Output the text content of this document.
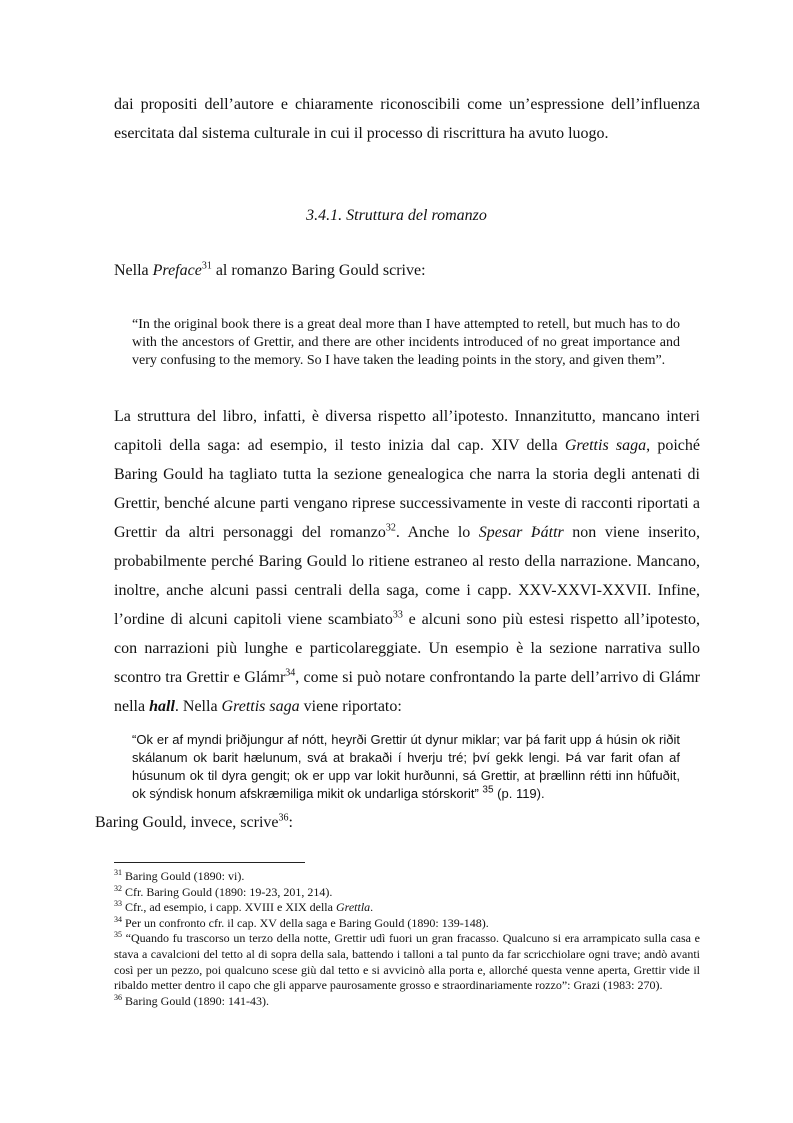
dai propositi dell’autore e chiaramente riconoscibili come un’espressione dell’influenza esercitata dal sistema culturale in cui il processo di riscrittura ha avuto luogo.

3.4.1. Struttura del romanzo

Nella Preface$^{31}$ al romanzo Baring Gould scrive:

“In the original book there is a great deal more than I have attempted to retell, but much has to do with the ancestors of Grettir, and there are other incidents introduced of no great importance and very confusing to the memory. So I have taken the leading points in the story, and given them”.

La struttura del libro, infatti, è diversa rispetto all’ipotesto. Innanzitutto, mancano interi capitoli della saga: ad esempio, il testo inizia dal cap. XIV della Grettis saga, poiché Baring Gould ha tagliato tutta la sezione genealogica che narra la storia degli antenati di Grettir, benché alcune parti vengano riprese successivamente in veste di racconti riportati a Grettir da altri personaggi del romanzo$^{32}$. Anche lo Spesar Þáttr non viene inserito, probabilmente perché Baring Gould lo ritiene estraneo al resto della narrazione. Mancano, inoltre, anche alcuni passi centrali della saga, come i capp. XXV-XXVI-XXVII. Infine, l’ordine di alcuni capitoli viene scambiato$^{33}$ e alcuni sono più estesi rispetto all’ipotesto, con narrazioni più lunghe e particolareggiate. Un esempio è la sezione narrativa sullo scontro tra Grettir e Glámr$^{34}$, come si può notare confrontando la parte dell’arrivo di Glámr nella hall. Nella Grettis saga viene riportato:

“Ok er af myndi þriðjungur af nótt, heyrði Grettir út dynur miklar; var þá farit upp á húsin ok riðit skálanum ok barit hælunum, svá at brakaði í hverju tré; því gekk lengi. Þá var farit ofan af húsunum ok til dyra gengit; ok er upp var lokit hurðunni, sá Grettir, at þrællinn rétti inn hûfuðit, ok sýndisk honum afskræmiliga mikit ok undarliga stórskorit” $^{35}$ (p. 119).

Baring Gould, invece, scrive$^{36}$:

$^{31}$ Baring Gould (1890: vi).

$^{32}$ Cfr. Baring Gould (1890: 19-23, 201, 214).

$^{33}$ Cfr., ad esempio, i capp. XVIII e XIX della Grettla.

$^{34}$ Per un confronto cfr. il cap. XV della saga e Baring Gould (1890: 139-148).

$^{35}$ “Quando fu trascorso un terzo della notte, Grettir udì fuori un gran fracasso. Qualcuno si era arrampicato sulla casa e stava a cavalcioni del tetto al di sopra della sala, battendo i talloni a tal punto da far scricchiolare ogni trave; andò avanti così per un pezzo, poi qualcuno scese giù dal tetto e si avvicinò alla porta e, allorché questa venne aperta, Grettir vide il ribaldo metter dentro il capo che gli apparve paurosamente grosso e straordinariamente rozzo”: Grazi (1983: 270).

$^{36}$ Baring Gould (1890: 141-43).
